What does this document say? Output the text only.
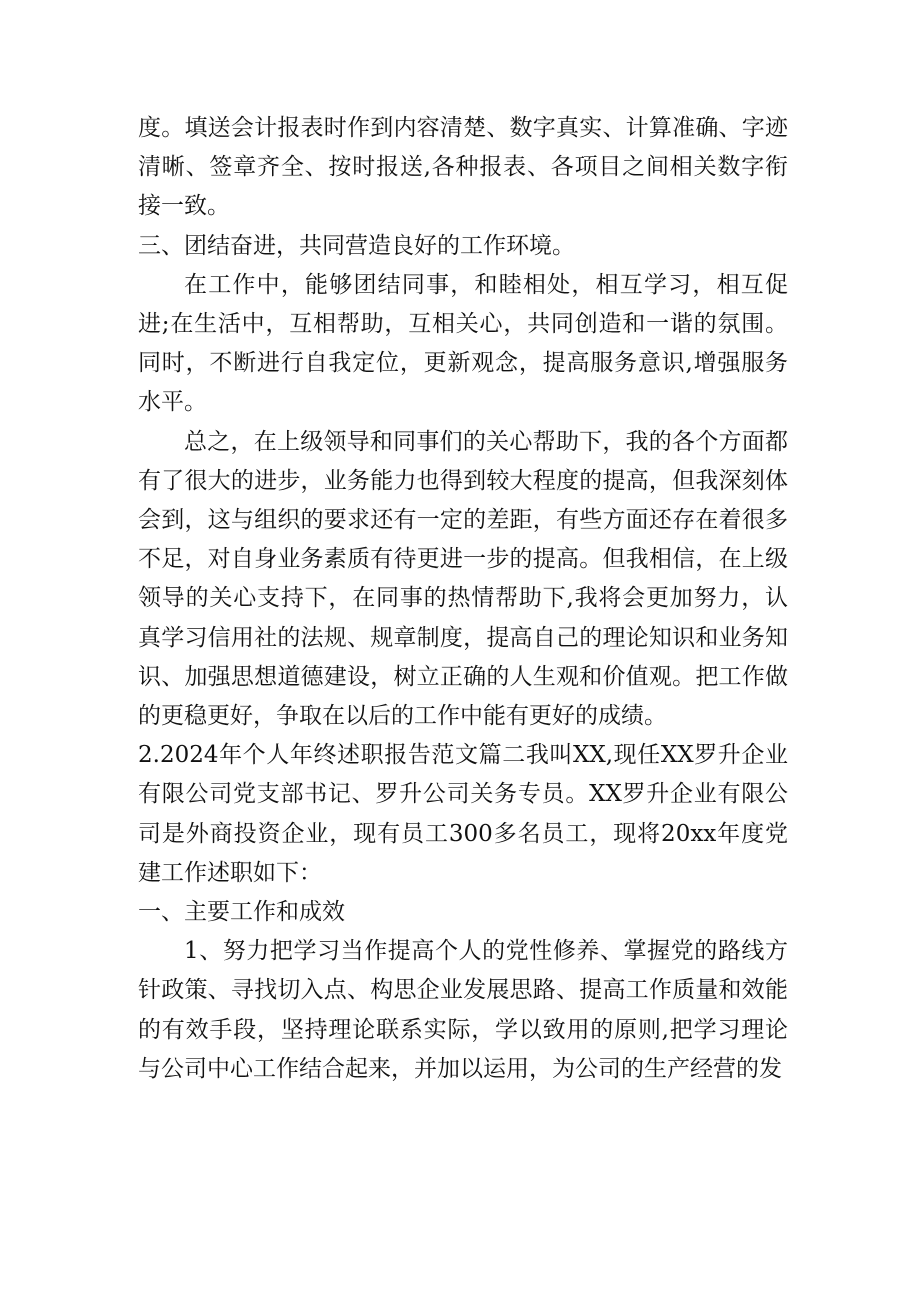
度。填送会计报表时作到内容清楚、数字真实、计算准确、字迹清晰、签章齐全、按时报送,各种报表、各项目之间相关数字衔接一致。

三、团结奋进，共同营造良好的工作环境。

在工作中，能够团结同事，和睦相处，相互学习，相互促进;在生活中，互相帮助，互相关心，共同创造和一谐的氛围。同时，不断进行自我定位，更新观念，提高服务意识,增强服务水平。

总之，在上级领导和同事们的关心帮助下，我的各个方面都有了很大的进步，业务能力也得到较大程度的提高，但我深刻体会到，这与组织的要求还有一定的差距，有些方面还存在着很多不足，对自身业务素质有待更进一步的提高。但我相信，在上级领导的关心支持下，在同事的热情帮助下,我将会更加努力，认真学习信用社的法规、规章制度，提高自己的理论知识和业务知识、加强思想道德建设，树立正确的人生观和价值观。把工作做的更稳更好，争取在以后的工作中能有更好的成绩。

2.2024年个人年终述职报告范文篇二我叫XX,现任XX罗升企业有限公司党支部书记、罗升公司关务专员。XX罗升企业有限公司是外商投资企业，现有员工300多名员工，现将20xx年度党建工作述职如下：

一、主要工作和成效

1、努力把学习当作提高个人的党性修养、掌握党的路线方针政策、寻找切入点、构思企业发展思路、提高工作质量和效能的有效手段，坚持理论联系实际，学以致用的原则,把学习理论与公司中心工作结合起来，并加以运用，为公司的生产经营的发
